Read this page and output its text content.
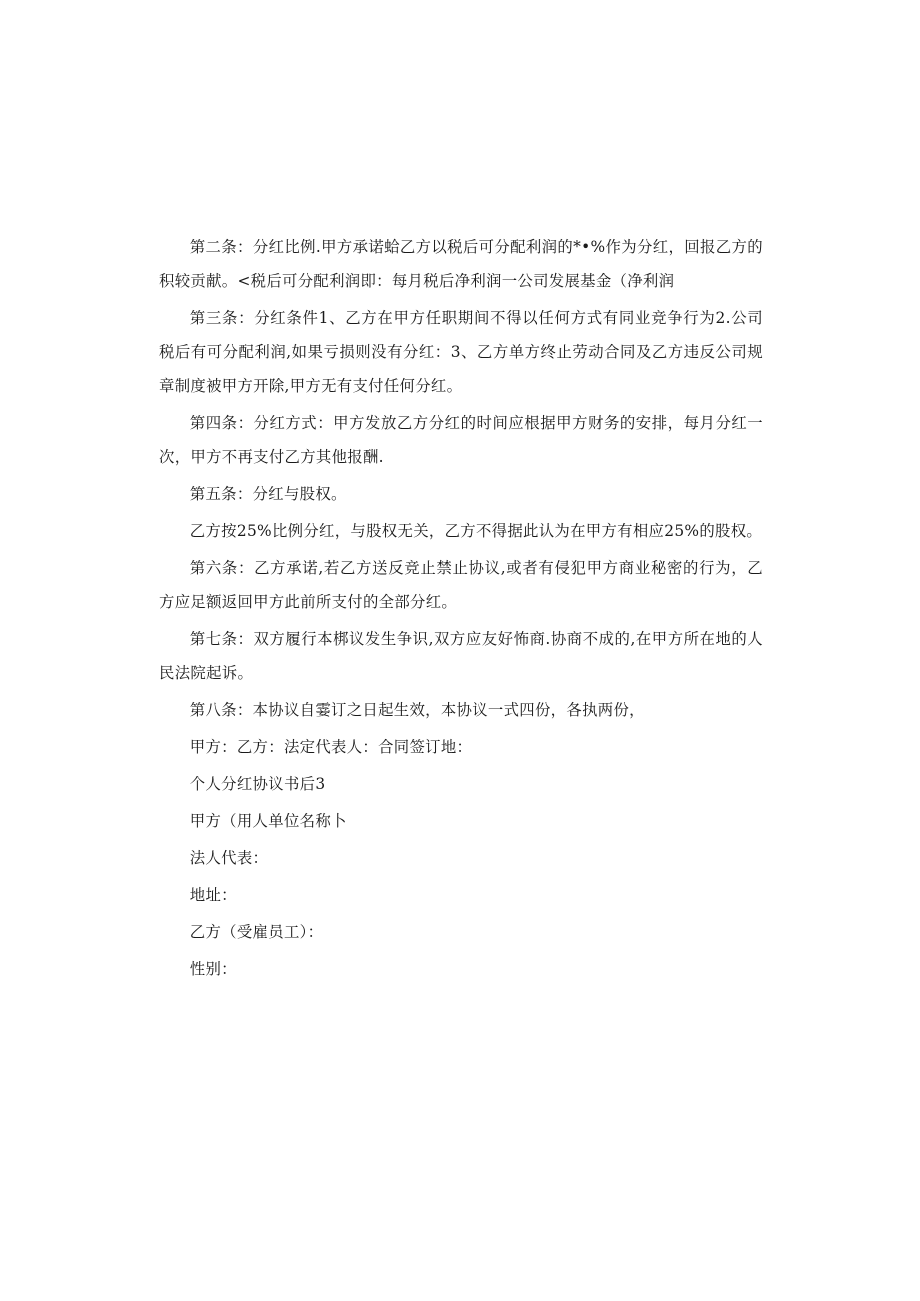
第二条：分红比例.甲方承诺蛤乙方以税后可分配利润的*•%作为分红，回报乙方的积较贡献。<税后可分配利润即：每月税后净利润一公司发展基金（净利润

第三条：分红条件1、乙方在甲方任职期间不得以任何方式有同业竞争行为2.公司税后有可分配利润,如果亏损则没有分红：3、乙方单方终止劳动合同及乙方违反公司规章制度被甲方开除,甲方无有支付任何分红。

第四条：分红方式：甲方发放乙方分红的时间应根据甲方财务的安排，每月分红一次，甲方不再支付乙方其他报酬.

第五条：分红与股权。

乙方按25%比例分红，与股权无关，乙方不得据此认为在甲方有相应25%的股权。

第六条：乙方承诺,若乙方送反竞止禁止协议,或者有侵犯甲方商业秘密的行为，乙方应足额返回甲方此前所支付的全部分红。

第七条：双方履行本梆议发生争识,双方应友好怖商.协商不成的,在甲方所在地的人民法院起诉。

第八条：本协议自霎订之日起生效，本协议一式四份，各执两份，

甲方：乙方：法定代表人：合同签订地：

个人分红协议书后3

甲方（用人单位名称卜

法人代表：

地址：

乙方（受雇员工）：

性别：
